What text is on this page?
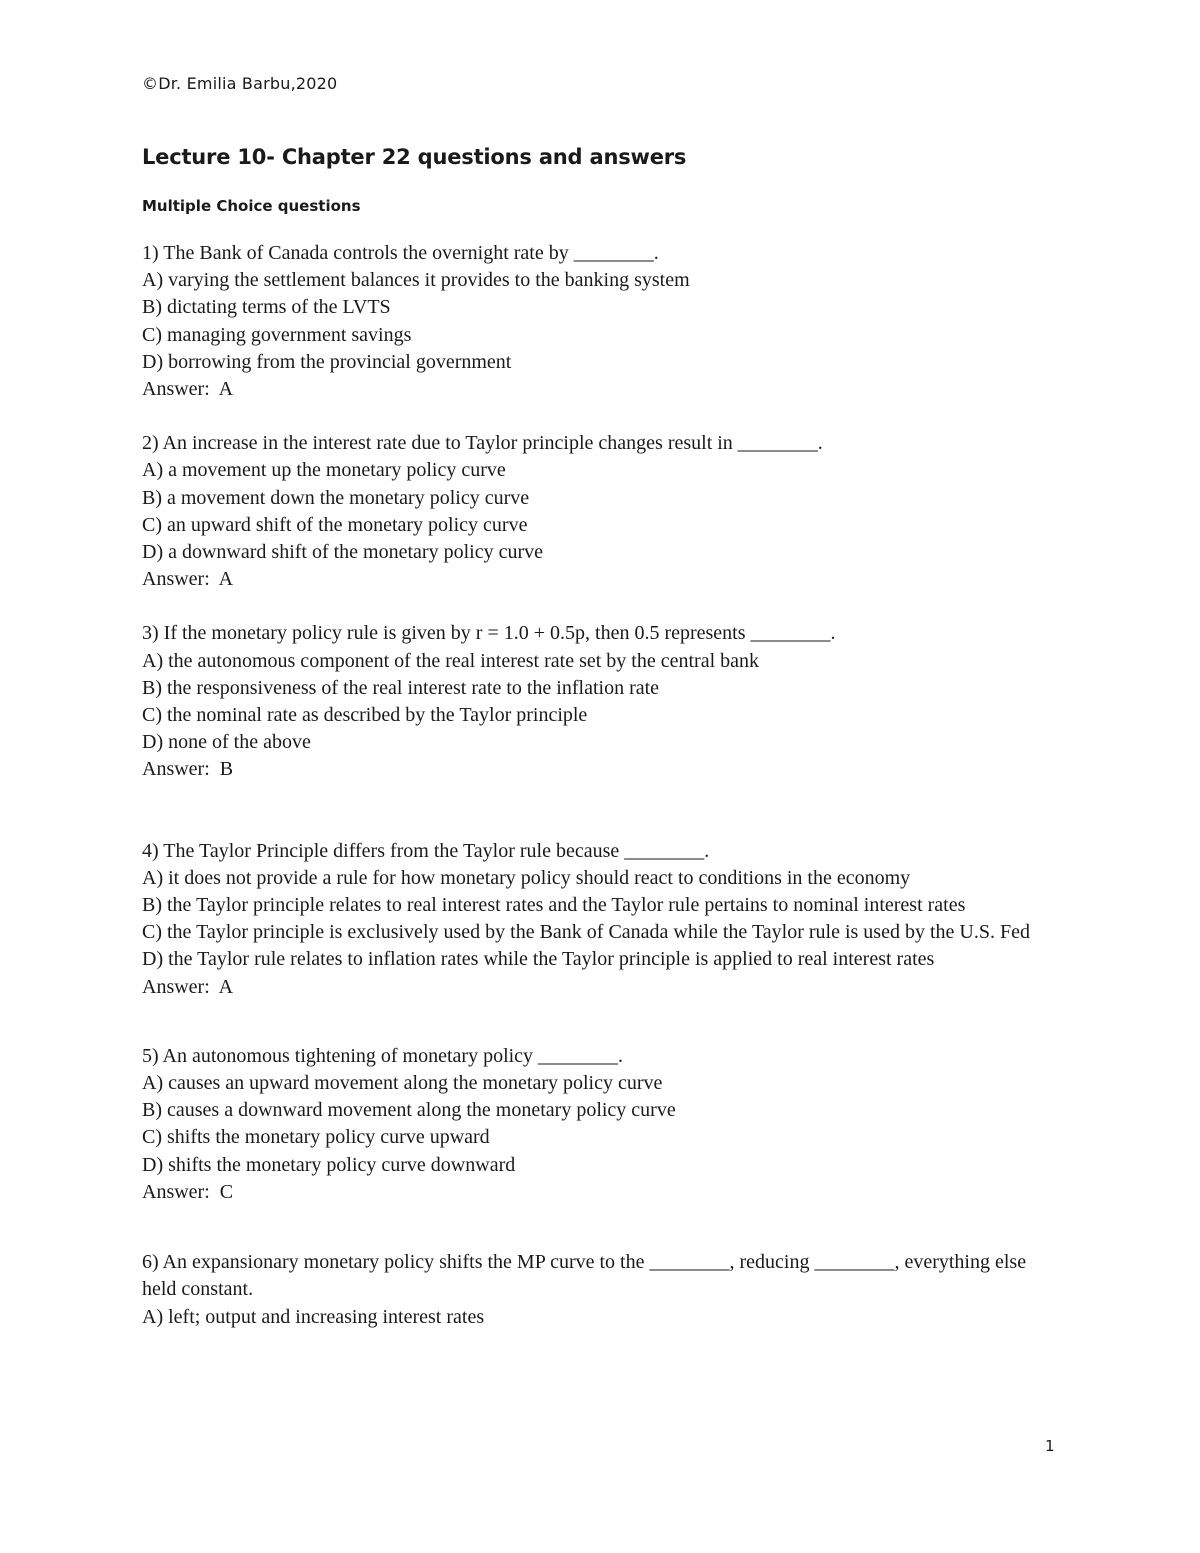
©Dr. Emilia Barbu,2020
Lecture 10- Chapter 22 questions and answers
Multiple Choice questions

1) The Bank of Canada controls the overnight rate by ________.

A) varying the settlement balances it provides to the banking system

B) dictating terms of the LVTS

C) managing government savings

D) borrowing from the provincial government

Answer: A

2) An increase in the interest rate due to Taylor principle changes result in ________.

A) a movement up the monetary policy curve

B) a movement down the monetary policy curve

C) an upward shift of the monetary policy curve

D) a downward shift of the monetary policy curve

Answer: A

3) If the monetary policy rule is given by r = 1.0 + 0.5p, then 0.5 represents ________.

A) the autonomous component of the real interest rate set by the central bank

B) the responsiveness of the real interest rate to the inflation rate

C) the nominal rate as described by the Taylor principle

D) none of the above

Answer: B

4) The Taylor Principle differs from the Taylor rule because ________.

A) it does not provide a rule for how monetary policy should react to conditions in the economy

B) the Taylor principle relates to real interest rates and the Taylor rule pertains to nominal interest rates

C) the Taylor principle is exclusively used by the Bank of Canada while the Taylor rule is used by the U.S. Fed

D) the Taylor rule relates to inflation rates while the Taylor principle is applied to real interest rates

Answer: A

5) An autonomous tightening of monetary policy ________.

A) causes an upward movement along the monetary policy curve

B) causes a downward movement along the monetary policy curve

C) shifts the monetary policy curve upward

D) shifts the monetary policy curve downward

Answer: C

6) An expansionary monetary policy shifts the MP curve to the ________, reducing ________, everything else held constant.

A) left; output and increasing interest rates

1
